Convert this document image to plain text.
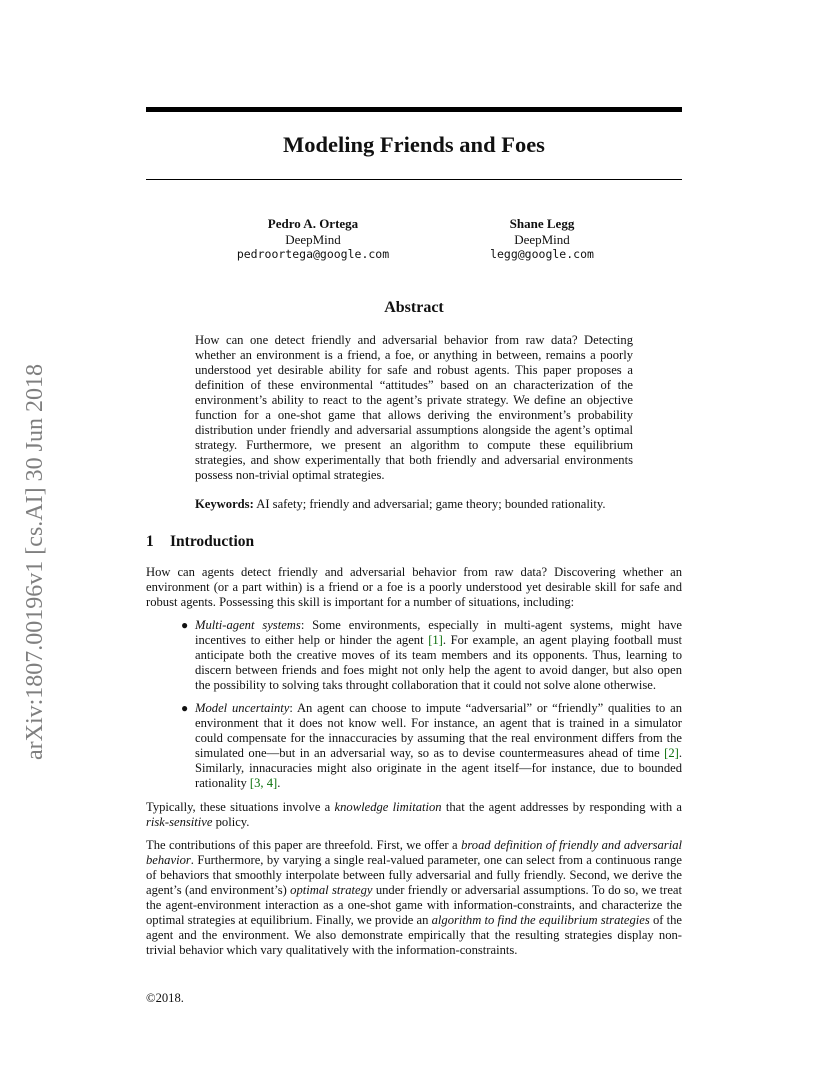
arXiv:1807.00196v1 [cs.AI] 30 Jun 2018
Modeling Friends and Foes
Pedro A. Ortega
DeepMind
pedroortega@google.com
Shane Legg
DeepMind
legg@google.com
Abstract

How can one detect friendly and adversarial behavior from raw data? Detecting whether an environment is a friend, a foe, or anything in between, remains a poorly understood yet desirable ability for safe and robust agents. This paper proposes a definition of these environmental “attitudes” based on an characterization of the environment’s ability to react to the agent’s private strategy. We define an objective function for a one-shot game that allows deriving the environment’s probability distribution under friendly and adversarial assumptions alongside the agent’s optimal strategy. Furthermore, we present an algorithm to compute these equilibrium strategies, and show experimentally that both friendly and adversarial environments possess non-trivial optimal strategies.

Keywords: AI safety; friendly and adversarial; game theory; bounded rationality.

1 Introduction

How can agents detect friendly and adversarial behavior from raw data? Discovering whether an environment (or a part within) is a friend or a foe is a poorly understood yet desirable skill for safe and robust agents. Possessing this skill is important for a number of situations, including:

● Multi-agent systems: Some environments, especially in multi-agent systems, might have incentives to either help or hinder the agent [1]. For example, an agent playing football must anticipate both the creative moves of its team members and its opponents. Thus, learning to discern between friends and foes might not only help the agent to avoid danger, but also open the possibility to solving taks throught collaboration that it could not solve alone otherwise.
● Model uncertainty: An agent can choose to impute “adversarial” or “friendly” qualities to an environment that it does not know well. For instance, an agent that is trained in a simulator could compensate for the innaccuracies by assuming that the real environment differs from the simulated one—but in an adversarial way, so as to devise countermeasures ahead of time [2]. Similarly, innacuracies might also originate in the agent itself—for instance, due to bounded rationality [3, 4].

Typically, these situations involve a knowledge limitation that the agent addresses by responding with a risk-sensitive policy.

The contributions of this paper are threefold. First, we offer a broad definition of friendly and adversarial behavior. Furthermore, by varying a single real-valued parameter, one can select from a continuous range of behaviors that smoothly interpolate between fully adversarial and fully friendly. Second, we derive the agent’s (and environment’s) optimal strategy under friendly or adversarial assumptions. To do so, we treat the agent-environment interaction as a one-shot game with information-constraints, and characterize the optimal strategies at equilibrium. Finally, we provide an algorithm to find the equilibrium strategies of the agent and the environment. We also demonstrate empirically that the resulting strategies display non-trivial behavior which vary qualitatively with the information-constraints.

©2018.
